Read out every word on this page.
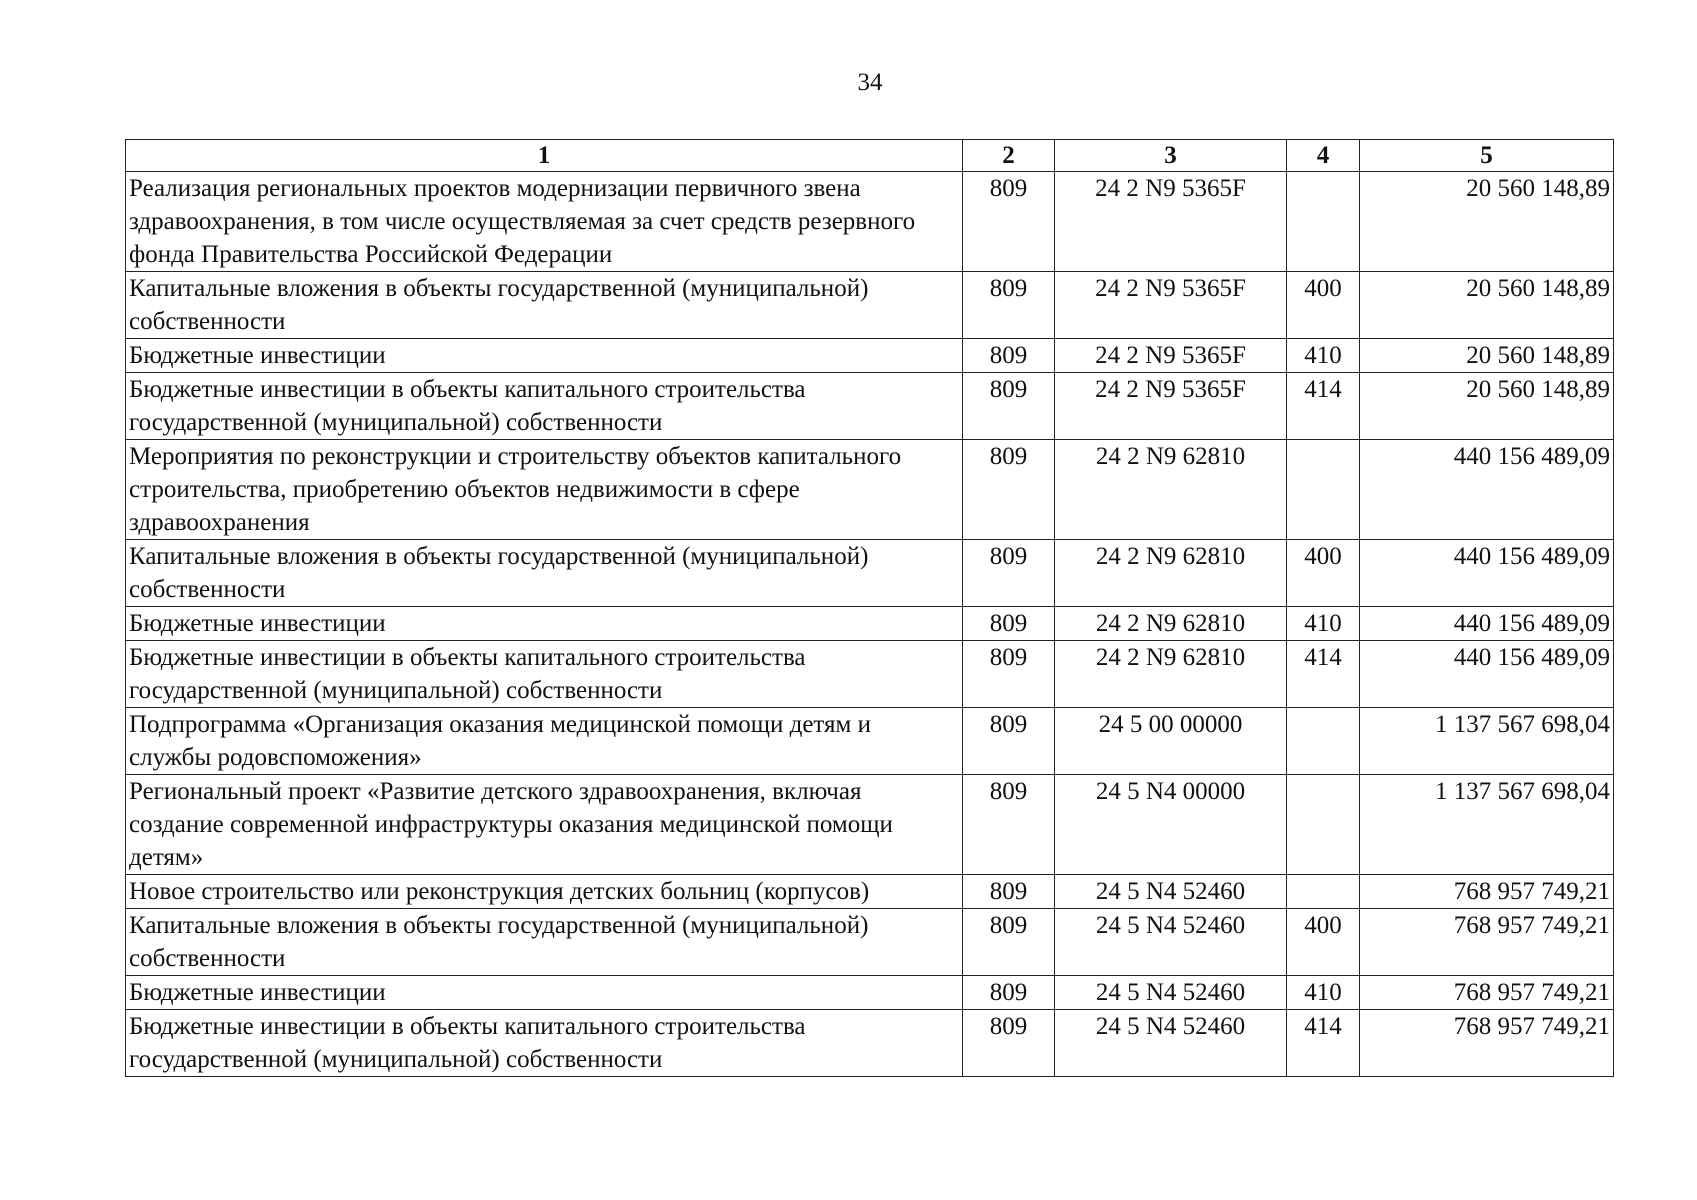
34
1	2	3	4	5
Реализация региональных проектов модернизации первичного звена здравоохранения, в том числе осуществляемая за счет средств резервного фонда Правительства Российской Федерации	809	24 2 N9 5365F		20 560 148,89
Капитальные вложения в объекты государственной (муниципальной) собственности	809	24 2 N9 5365F	400	20 560 148,89
Бюджетные инвестиции	809	24 2 N9 5365F	410	20 560 148,89
Бюджетные инвестиции в объекты капитального строительства государственной (муниципальной) собственности	809	24 2 N9 5365F	414	20 560 148,89
Мероприятия по реконструкции и строительству объектов капитального строительства, приобретению объектов недвижимости в сфере здравоохранения	809	24 2 N9 62810		440 156 489,09
Капитальные вложения в объекты государственной (муниципальной) собственности	809	24 2 N9 62810	400	440 156 489,09
Бюджетные инвестиции	809	24 2 N9 62810	410	440 156 489,09
Бюджетные инвестиции в объекты капитального строительства государственной (муниципальной) собственности	809	24 2 N9 62810	414	440 156 489,09
Подпрограмма «Организация оказания медицинской помощи детям и службы родовспоможения»	809	24 5 00 00000		1 137 567 698,04
Региональный проект «Развитие детского здравоохранения, включая создание современной инфраструктуры оказания медицинской помощи детям»	809	24 5 N4 00000		1 137 567 698,04
Новое строительство или реконструкция детских больниц (корпусов)	809	24 5 N4 52460		768 957 749,21
Капитальные вложения в объекты государственной (муниципальной) собственности	809	24 5 N4 52460	400	768 957 749,21
Бюджетные инвестиции	809	24 5 N4 52460	410	768 957 749,21
Бюджетные инвестиции в объекты капитального строительства государственной (муниципальной) собственности	809	24 5 N4 52460	414	768 957 749,21
